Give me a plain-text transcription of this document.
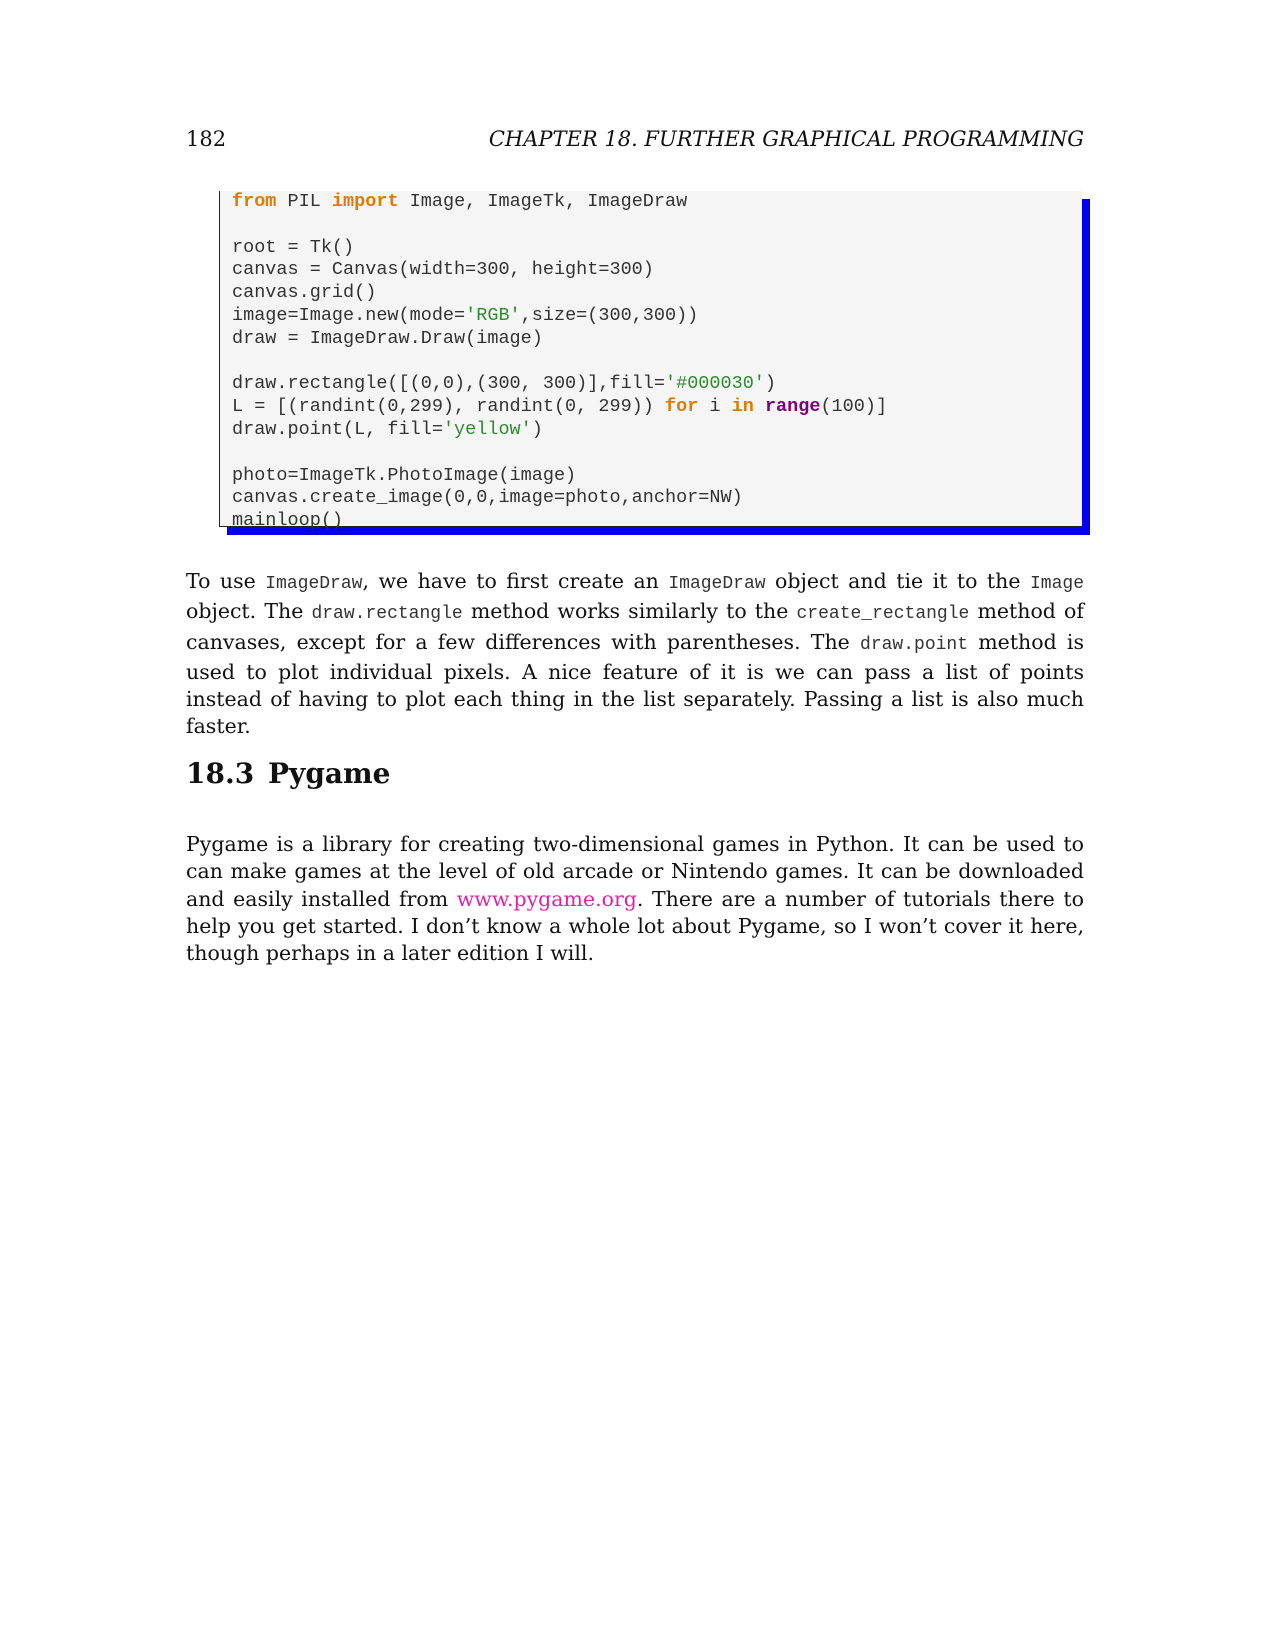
182	CHAPTER 18. FURTHER GRAPHICAL PROGRAMMING
from PIL import Image, ImageTk, ImageDraw

root = Tk()
canvas = Canvas(width=300, height=300)
canvas.grid()
image=Image.new(mode='RGB',size=(300,300))
draw = ImageDraw.Draw(image)

draw.rectangle([(0,0),(300, 300)],fill='#000030')
L = [(randint(0,299), randint(0, 299)) for i in range(100)]
draw.point(L, fill='yellow')

photo=ImageTk.PhotoImage(image)
canvas.create_image(0,0,image=photo,anchor=NW)
mainloop()

To use ImageDraw, we have to first create an ImageDraw object and tie it to the Image object. The draw.rectangle method works similarly to the create_rectangle method of canvases, except for a few differences with parentheses. The draw.point method is used to plot individual pixels. A nice feature of it is we can pass a list of points instead of having to plot each thing in the list separately. Passing a list is also much faster.

18.3 Pygame

Pygame is a library for creating two-dimensional games in Python. It can be used to can make games at the level of old arcade or Nintendo games. It can be downloaded and easily installed from www.pygame.org. There are a number of tutorials there to help you get started. I don’t know a whole lot about Pygame, so I won’t cover it here, though perhaps in a later edition I will.
